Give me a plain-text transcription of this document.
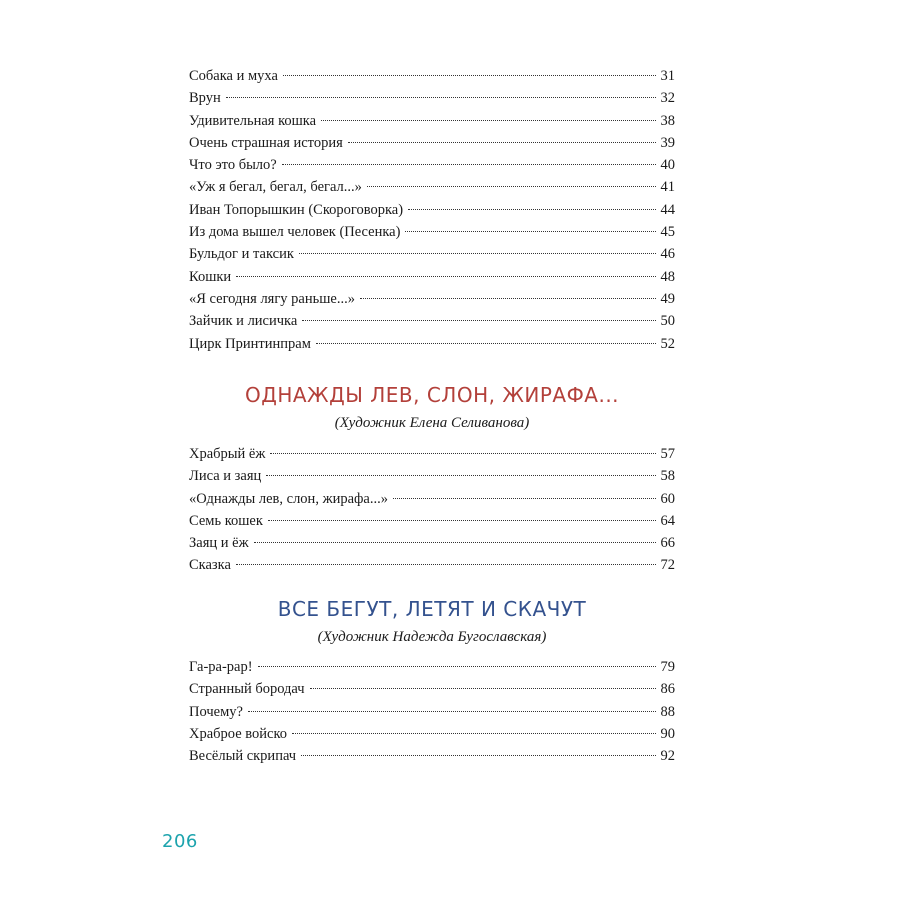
Собака и муха	31
Врун	32
Удивительная кошка	38
Очень страшная история	39
Что это было?	40
«Уж я бегал, бегал, бегал...»	41
Иван Топорышкин (Скороговорка)	44
Из дома вышел человек (Песенка)	45
Бульдог и таксик	46
Кошки	48
«Я сегодня лягу раньше...»	49
Зайчик и лисичка	50
Цирк Принтинпрам	52
ОДНАЖДЫ ЛЕВ, СЛОН, ЖИРАФА...

(Художник Елена Селиванова)

Храбрый ёж	57
Лиса и заяц	58
«Однажды лев, слон, жирафа...»	60
Семь кошек	64
Заяц и ёж	66
Сказка	72
ВСЕ БЕГУТ, ЛЕТЯТ И СКАЧУТ

(Художник Надежда Бугославская)

Га-ра-рар!	79
Странный бородач	86
Почему?	88
Храброе войско	90
Весёлый скрипач	92
206
